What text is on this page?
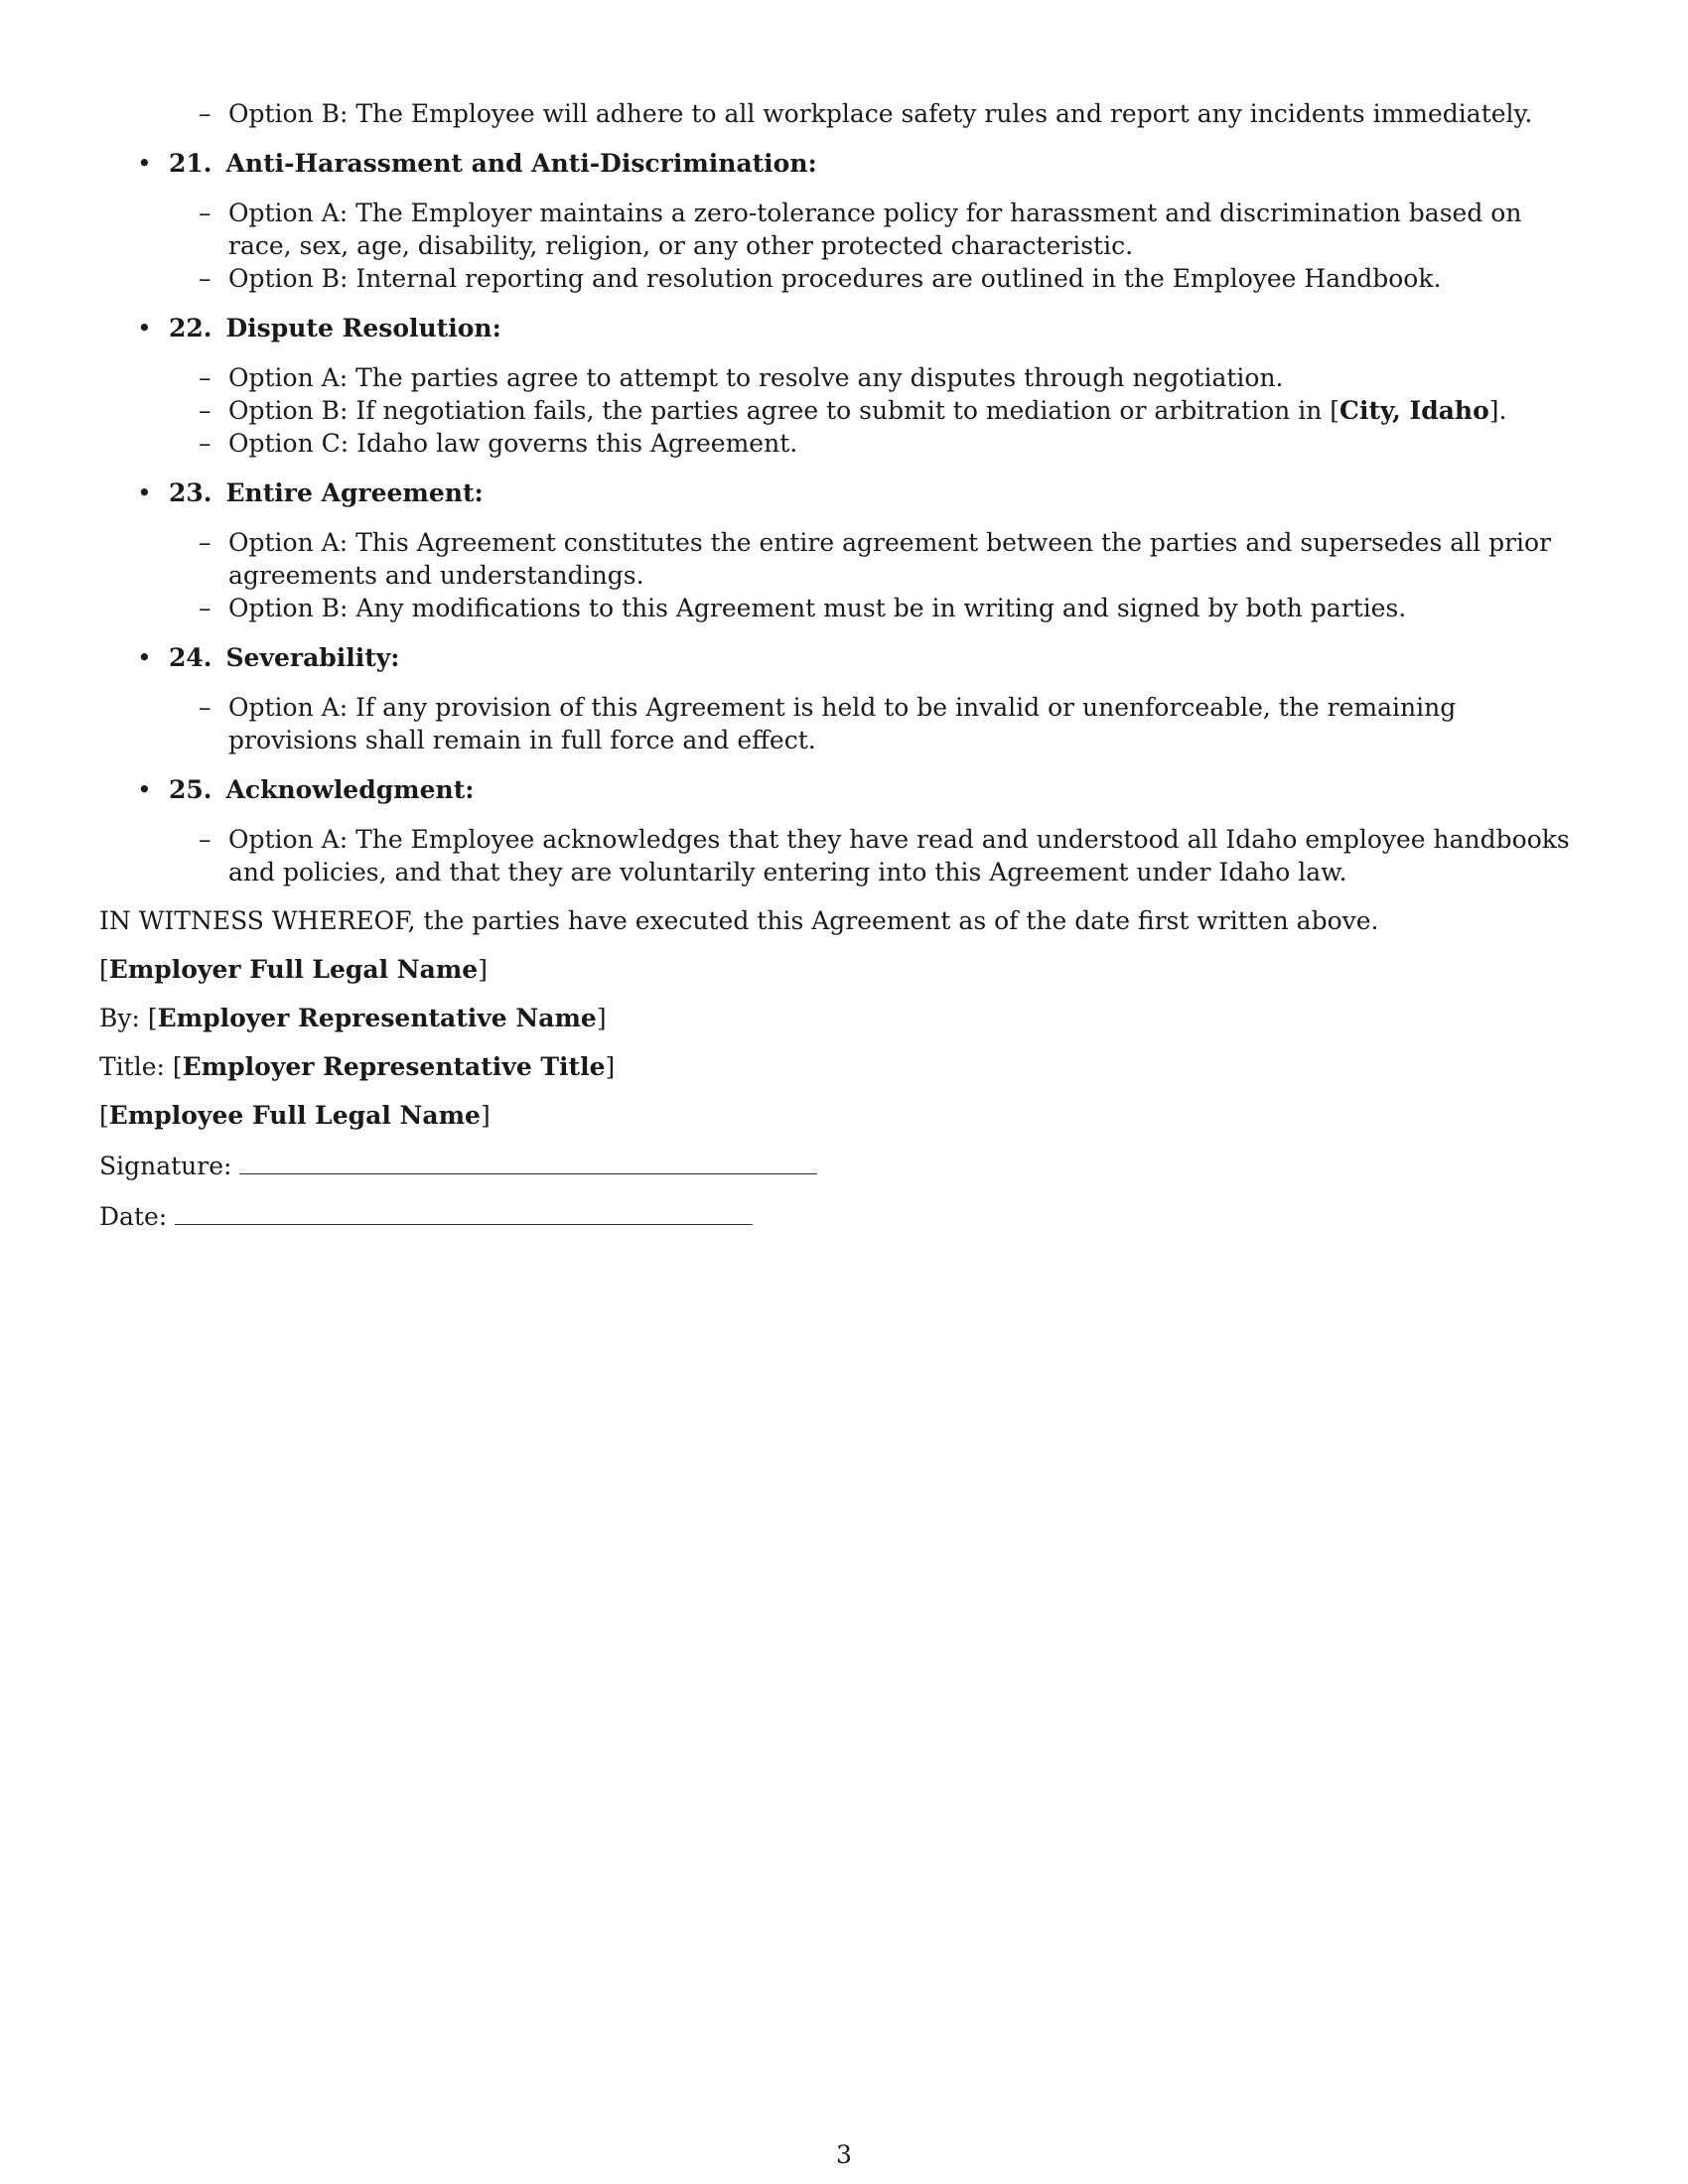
– Option B: The Employee will adhere to all workplace safety rules and report any incidents immediately.
• 21. Anti-Harassment and Anti-Discrimination:
– Option A: The Employer maintains a zero-tolerance policy for harassment and discrimination based on race, sex, age, disability, religion, or any other protected characteristic.
– Option B: Internal reporting and resolution procedures are outlined in the Employee Handbook.
• 22. Dispute Resolution:
– Option A: The parties agree to attempt to resolve any disputes through negotiation.
– Option B: If negotiation fails, the parties agree to submit to mediation or arbitration in [City, Idaho].
– Option C: Idaho law governs this Agreement.
• 23. Entire Agreement:
– Option A: This Agreement constitutes the entire agreement between the parties and supersedes all prior agreements and understandings.
– Option B: Any modifications to this Agreement must be in writing and signed by both parties.
• 24. Severability:
– Option A: If any provision of this Agreement is held to be invalid or unenforceable, the remaining provisions shall remain in full force and effect.
• 25. Acknowledgment:
– Option A: The Employee acknowledges that they have read and understood all Idaho employee handbooks and policies, and that they are voluntarily entering into this Agreement under Idaho law.
IN WITNESS WHEREOF, the parties have executed this Agreement as of the date first written above.
[Employer Full Legal Name]
By: [Employer Representative Name]
Title: [Employer Representative Title]
[Employee Full Legal Name]
Signature:
Date:
3
